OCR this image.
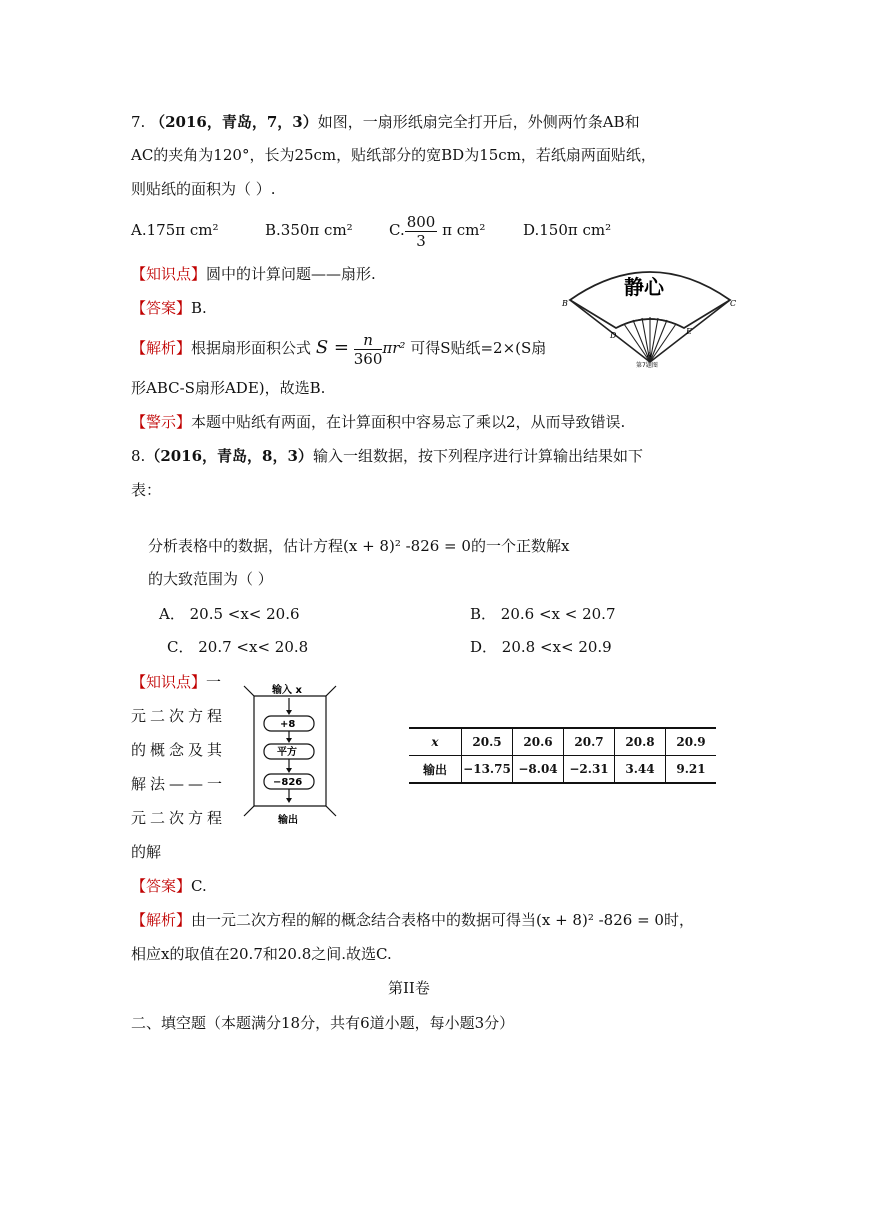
7. （2016，青岛，7，3）如图，一扇形纸扇完全打开后，外侧两竹条AB和
AC的夹角为120°，长为25cm，贴纸部分的宽BD为15cm，若纸扇两面贴纸，
则贴纸的面积为（ ）.
A.175π cm²	B.350π cm² C. $\frac{800}{3}$ π cm²	D.150π cm²
【知识点】圆中的计算问题——扇形.
【答案】B.
【解析】根据扇形面积公式 $S = \frac{n}{360} \pi r^2$ 可得S贴纸=2×(S扇
形ABC-S扇形ADE)，故选B.
【警示】本题中贴纸有两面，在计算面积中容易忘了乘以2，从而导致错误.
静心
B	C
D	E
A
第7题图
8.（2016，青岛，8，3）输入一组数据，按下列程序进行计算输出结果如下
表：
分析表格中的数据，估计方程(x + 8)² -826 = 0的一个正数解x
的大致范围为（ ）
A． 20.5 <x< 20.6	B． 20.6 <x < 20.7
C． 20.7 <x< 20.8	D． 20.8 <x< 20.9
【知识点】一
元二次方程
的概念及其
解法——一
元二次方程
的解
输入 x
+8
平方
−826
输出
x	20.5	20.6	20.7	20.8	20.9
输出	−13.75	−8.04	−2.31	3.44	9.21
【答案】C.
【解析】由一元二次方程的解的概念结合表格中的数据可得当(x + 8)² -826 = 0时，
相应x的取值在20.7和20.8之间.故选C.
第II卷
二、填空题（本题满分18分，共有6道小题，每小题3分）
